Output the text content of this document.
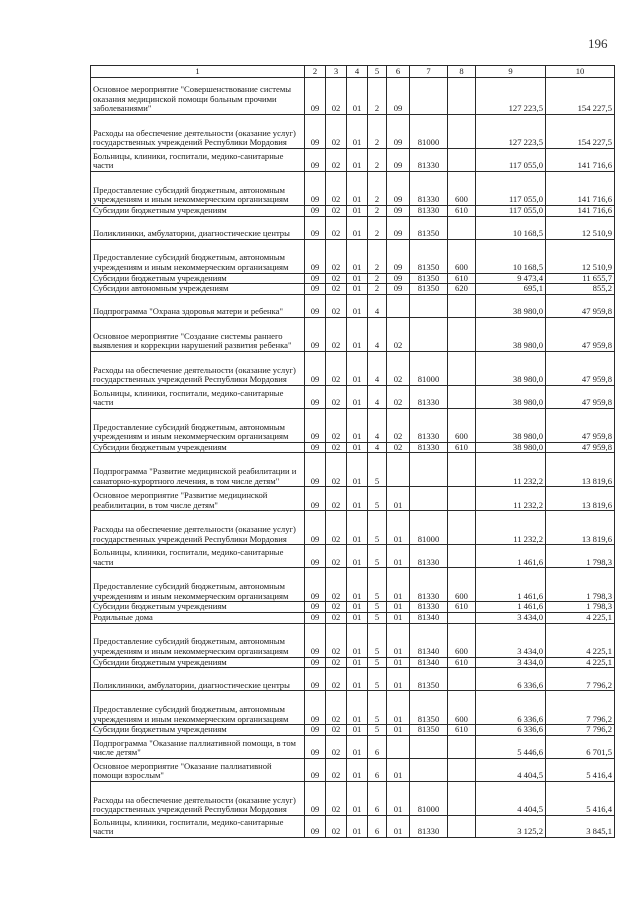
196
1	2	3	4	5	6	7	8	9	10
Основное мероприятие "Совершенствование системы оказания медицинской помощи больным прочими заболеваниями"	09	02	01	2	09			127 223,5	154 227,5
Расходы на обеспечение деятельности (оказание услуг) государственных учреждений Республики Мордовия	09	02	01	2	09	81000		127 223,5	154 227,5
Больницы, клиники, госпитали, медико-санитарные части	09	02	01	2	09	81330		117 055,0	141 716,6
Предоставление субсидий бюджетным, автономным учреждениям и иным некоммерческим организациям	09	02	01	2	09	81330	600	117 055,0	141 716,6
Субсидии бюджетным учреждениям	09	02	01	2	09	81330	610	117 055,0	141 716,6
Поликлиники, амбулатории, диагностические центры	09	02	01	2	09	81350		10 168,5	12 510,9
Предоставление субсидий бюджетным, автономным учреждениям и иным некоммерческим организациям	09	02	01	2	09	81350	600	10 168,5	12 510,9
Субсидии бюджетным учреждениям	09	02	01	2	09	81350	610	9 473,4	11 655,7
Субсидии автономным учреждениям	09	02	01	2	09	81350	620	695,1	855,2
Подпрограмма "Охрана здоровья матери и ребенка"	09	02	01	4				38 980,0	47 959,8
Основное мероприятие "Создание системы раннего выявления и коррекции нарушений развития ребенка"	09	02	01	4	02			38 980,0	47 959,8
Расходы на обеспечение деятельности (оказание услуг) государственных учреждений Республики Мордовия	09	02	01	4	02	81000		38 980,0	47 959,8
Больницы, клиники, госпитали, медико-санитарные части	09	02	01	4	02	81330		38 980,0	47 959,8
Предоставление субсидий бюджетным, автономным учреждениям и иным некоммерческим организациям	09	02	01	4	02	81330	600	38 980,0	47 959,8
Субсидии бюджетным учреждениям	09	02	01	4	02	81330	610	38 980,0	47 959,8
Подпрограмма "Развитие медицинской реабилитации и санаторно-курортного лечения, в том числе детям"	09	02	01	5				11 232,2	13 819,6
Основное мероприятие "Развитие медицинской реабилитации, в том числе детям"	09	02	01	5	01			11 232,2	13 819,6
Расходы на обеспечение деятельности (оказание услуг) государственных учреждений Республики Мордовия	09	02	01	5	01	81000		11 232,2	13 819,6
Больницы, клиники, госпитали, медико-санитарные части	09	02	01	5	01	81330		1 461,6	1 798,3
Предоставление субсидий бюджетным, автономным учреждениям и иным некоммерческим организациям	09	02	01	5	01	81330	600	1 461,6	1 798,3
Субсидии бюджетным учреждениям	09	02	01	5	01	81330	610	1 461,6	1 798,3
Родильные дома	09	02	01	5	01	81340		3 434,0	4 225,1
Предоставление субсидий бюджетным, автономным учреждениям и иным некоммерческим организациям	09	02	01	5	01	81340	600	3 434,0	4 225,1
Субсидии бюджетным учреждениям	09	02	01	5	01	81340	610	3 434,0	4 225,1
Поликлиники, амбулатории, диагностические центры	09	02	01	5	01	81350		6 336,6	7 796,2
Предоставление субсидий бюджетным, автономным учреждениям и иным некоммерческим организациям	09	02	01	5	01	81350	600	6 336,6	7 796,2
Субсидии бюджетным учреждениям	09	02	01	5	01	81350	610	6 336,6	7 796,2
Подпрограмма "Оказание паллиативной помощи, в том числе детям"	09	02	01	6				5 446,6	6 701,5
Основное мероприятие "Оказание паллиативной помощи взрослым"	09	02	01	6	01			4 404,5	5 416,4
Расходы на обеспечение деятельности (оказание услуг) государственных учреждений Республики Мордовия	09	02	01	6	01	81000		4 404,5	5 416,4
Больницы, клиники, госпитали, медико-санитарные части	09	02	01	6	01	81330		3 125,2	3 845,1
